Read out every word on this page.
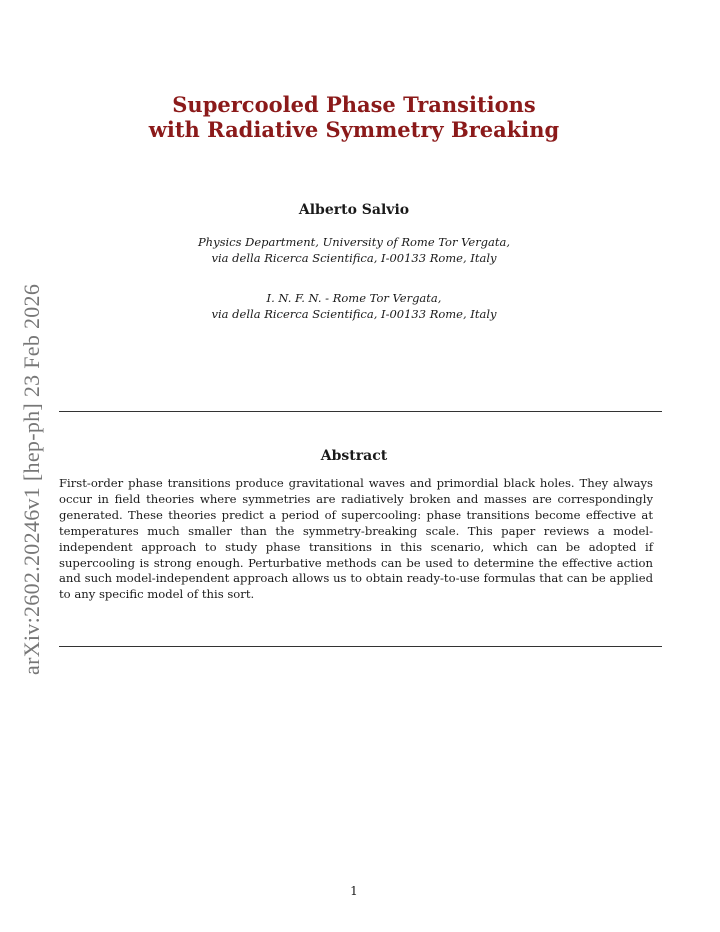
arXiv:2602.20246v1 [hep-ph] 23 Feb 2026
Supercooled Phase Transitions
with Radiative Symmetry Breaking
Alberto Salvio
Physics Department, University of Rome Tor Vergata,
via della Ricerca Scientifica, I-00133 Rome, Italy
I. N. F. N. - Rome Tor Vergata,
via della Ricerca Scientifica, I-00133 Rome, Italy
Abstract

First-order phase transitions produce gravitational waves and primordial black holes. They always occur in field theories where symmetries are radiatively broken and masses are correspondingly generated. These theories predict a period of supercooling: phase transitions become effective at temperatures much smaller than the symmetry-breaking scale. This paper reviews a model-independent approach to study phase transitions in this scenario, which can be adopted if supercooling is strong enough. Perturbative methods can be used to determine the effective action and such model-independent approach allows us to obtain ready-to-use formulas that can be applied to any specific model of this sort.

1
